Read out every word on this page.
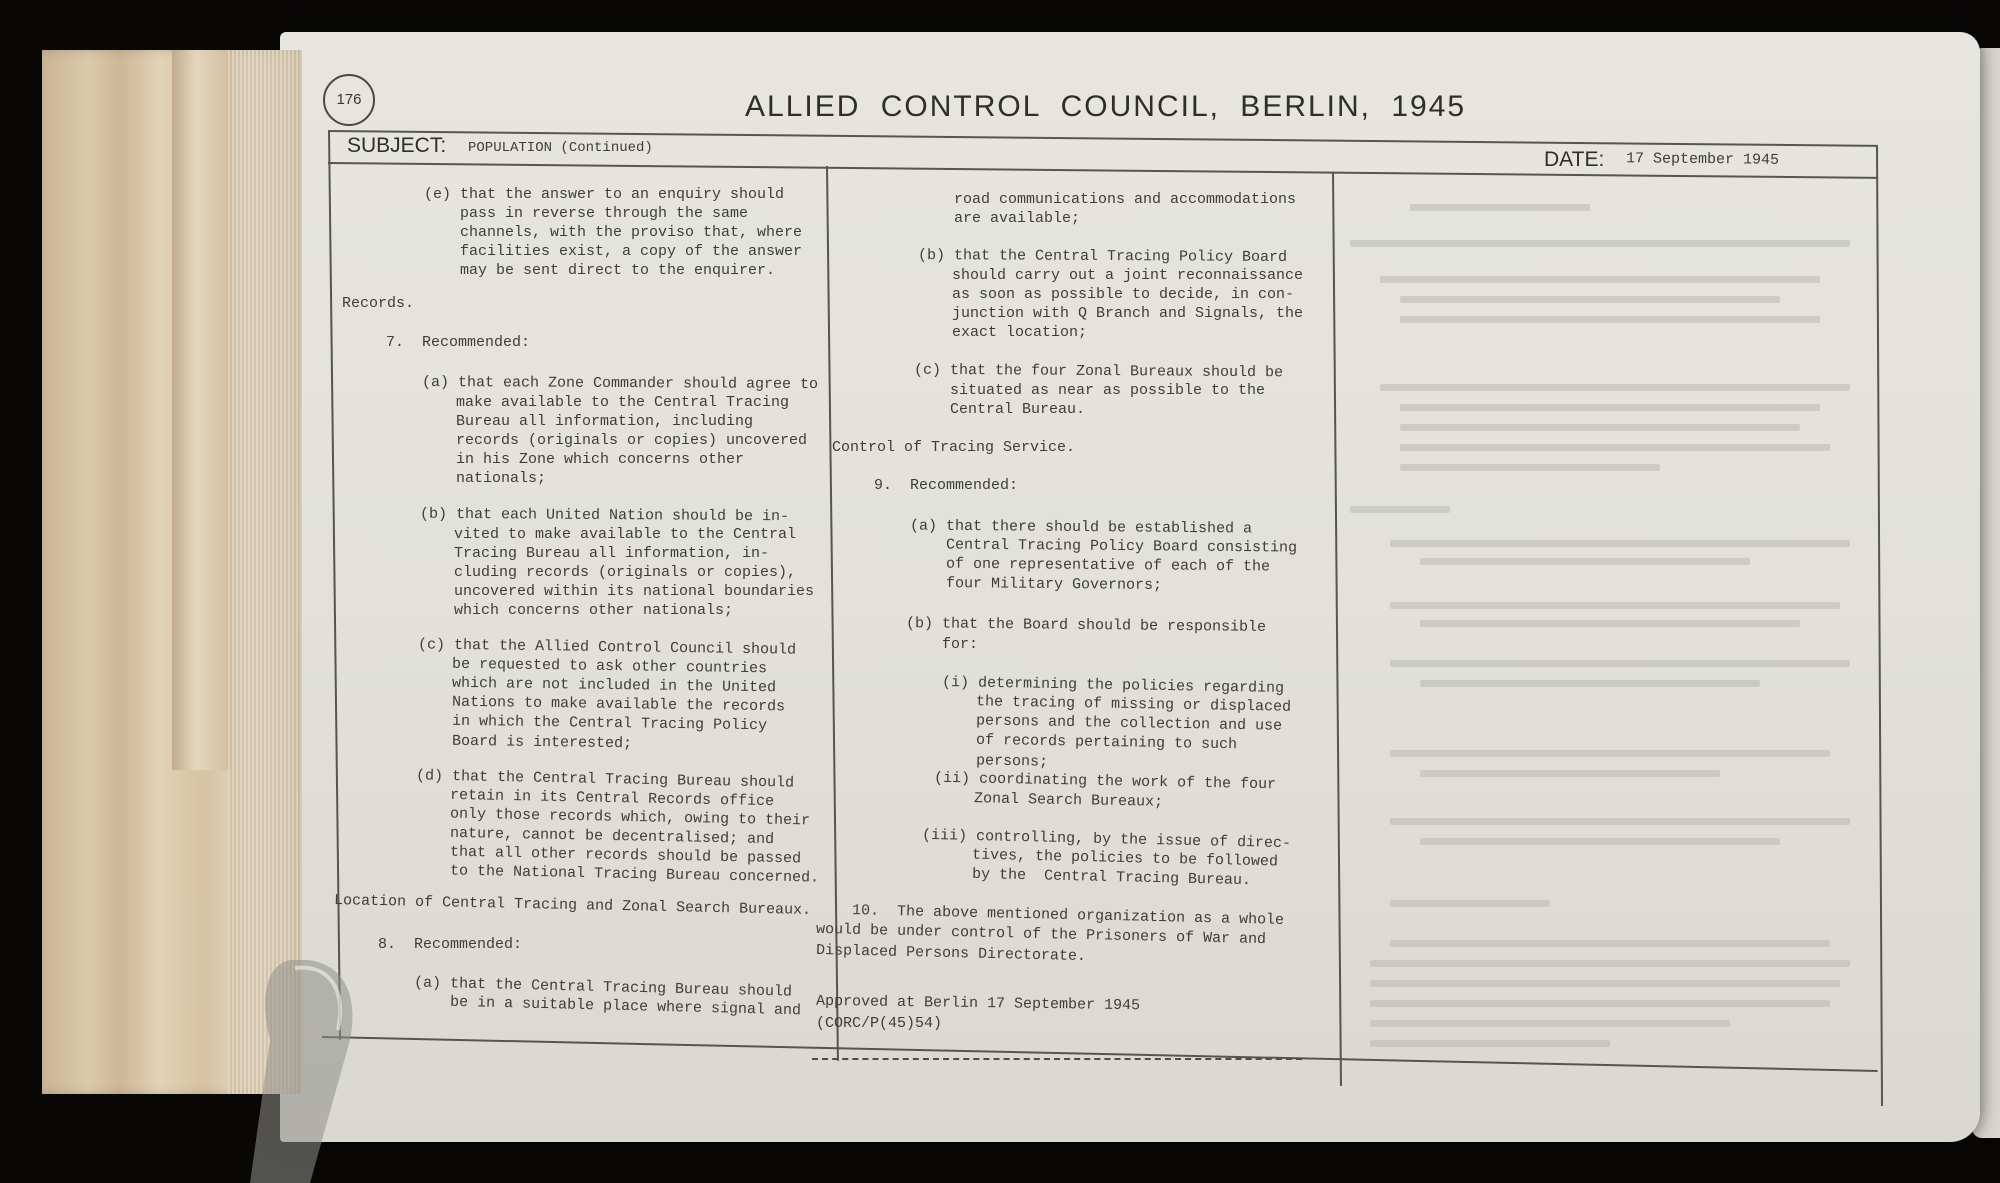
176	ALLIED CONTROL COUNCIL, BERLIN, 1945
SUBJECT: POPULATION (Continued)	DATE: 17 September 1945
(e) that the answer to an enquiry should
pass in reverse through the same
channels, with the proviso that, where
facilities exist, a copy of the answer
may be sent direct to the enquirer.
Records.
7.  Recommended:
(a) that each Zone Commander should agree to
make available to the Central Tracing
Bureau all information, including
records (originals or copies) uncovered
in his Zone which concerns other
nationals;
(b) that each United Nation should be in-
vited to make available to the Central
Tracing Bureau all information, in-
cluding records (originals or copies),
uncovered within its national boundaries
which concerns other nationals;
(c) that the Allied Control Council should
be requested to ask other countries
which are not included in the United
Nations to make available the records
in which the Central Tracing Policy
Board is interested;
(d) that the Central Tracing Bureau should
retain in its Central Records office
only those records which, owing to their
nature, cannot be decentralised; and
that all other records should be passed
to the National Tracing Bureau concerned.
Location of Central Tracing and Zonal Search Bureaux.
8.  Recommended:
(a) that the Central Tracing Bureau should
be in a suitable place where signal and
road communications and accommodations
are available;
(b) that the Central Tracing Policy Board
should carry out a joint reconnaissance
as soon as possible to decide, in con-
junction with Q Branch and Signals, the
exact location;
(c) that the four Zonal Bureaux should be
situated as near as possible to the
Central Bureau.
Control of Tracing Service.
9.  Recommended:
(a) that there should be established a
Central Tracing Policy Board consisting
of one representative of each of the
four Military Governors;
(b) that the Board should be responsible
for:
(i) determining the policies regarding
the tracing of missing or displaced
persons and the collection and use
of records pertaining to such
persons;
(ii) coordinating the work of the four
Zonal Search Bureaux;
(iii) controlling, by the issue of direc-
tives, the policies to be followed
by the  Central Tracing Bureau.
10.  The above mentioned organization as a whole
would be under control of the Prisoners of War and
Displaced Persons Directorate.
Approved at Berlin 17 September 1945
(CORC/P(45)54)
